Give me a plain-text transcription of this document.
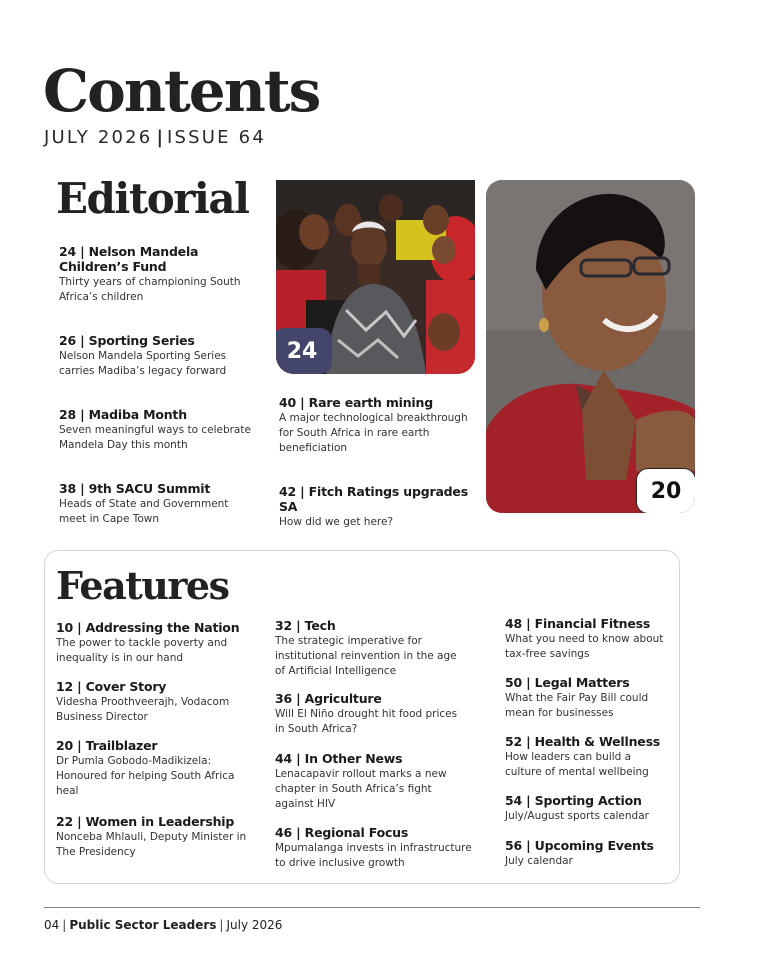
Contents
JULY 2026 | ISSUE 64
Editorial
24 | Nelson Mandela Children’s Fund
Thirty years of championing South Africa’s children
26 | Sporting Series
Nelson Mandela Sporting Series carries Madiba’s legacy forward
28 | Madiba Month
Seven meaningful ways to celebrate Mandela Day this month
38 | 9th SACU Summit
Heads of State and Government meet in Cape Town
40 | Rare earth mining
A major technological breakthrough for South Africa in rare earth beneficiation
42 | Fitch Ratings upgrades SA
How did we get here?
24
20
Features
10 | Addressing the Nation
The power to tackle poverty and inequality is in our hand
12 | Cover Story
Videsha Proothveerajh, Vodacom Business Director
20 | Trailblazer
Dr Pumla Gobodo-Madikizela: Honoured for helping South Africa heal
22 | Women in Leadership
Nonceba Mhlauli, Deputy Minister in The Presidency
32 | Tech
The strategic imperative for institutional reinvention in the age of Artificial Intelligence
36 | Agriculture
Will El Niño drought hit food prices in South Africa?
44 | In Other News
Lenacapavir rollout marks a new chapter in South Africa’s fight against HIV
46 | Regional Focus
Mpumalanga invests in infrastructure to drive inclusive growth
48 | Financial Fitness
What you need to know about tax-free savings
50 | Legal Matters
What the Fair Pay Bill could mean for businesses
52 | Health & Wellness
How leaders can build a culture of mental wellbeing
54 | Sporting Action
July/August sports calendar
56 | Upcoming Events
July calendar
04 | Public Sector Leaders | July 2026
